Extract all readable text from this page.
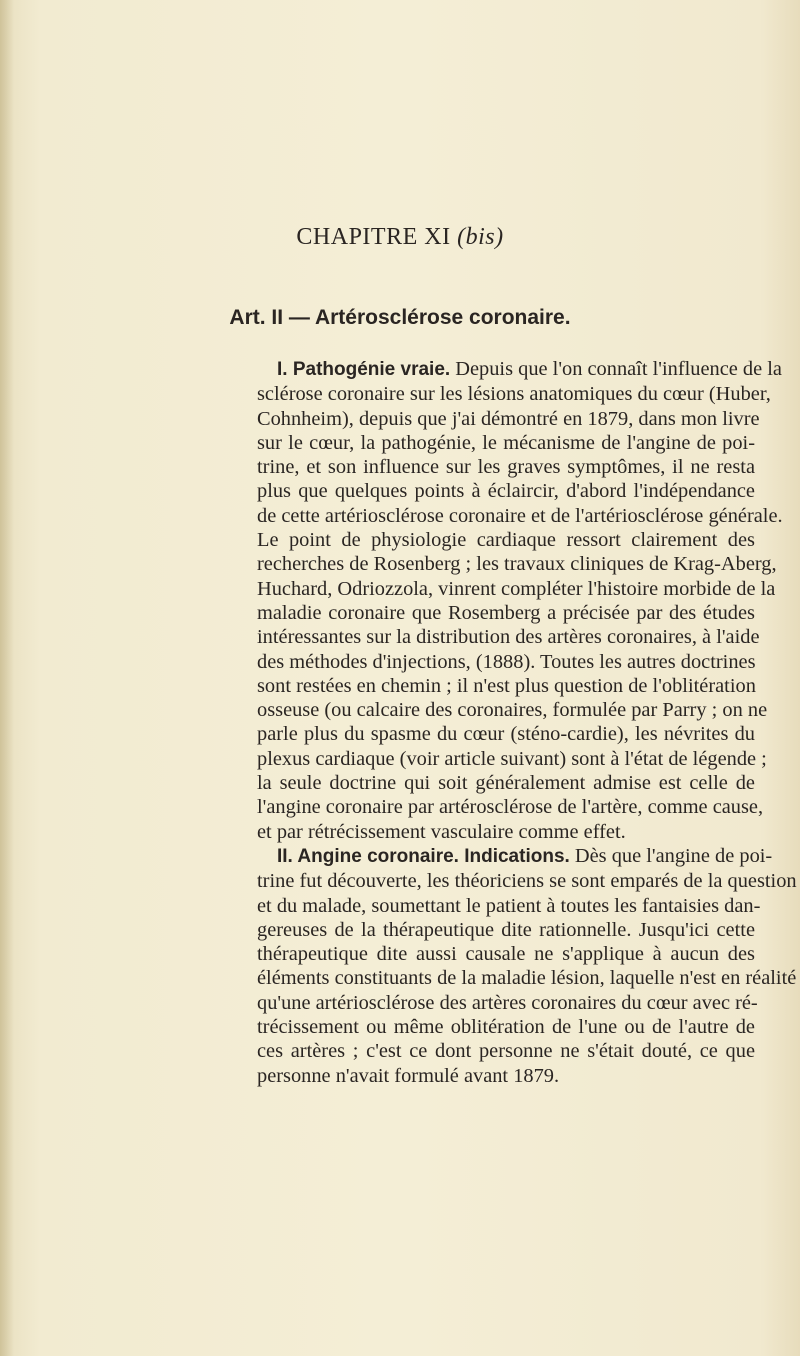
CHAPITRE XI (bis)
Art. II — Artérosclérose coronaire.
I. Pathogénie vraie. Depuis que l'on connaît l'influence de la
sclérose coronaire sur les lésions anatomiques du cœur (Huber,
Cohnheim), depuis que j'ai démontré en 1879, dans mon livre
sur le cœur, la pathogénie, le mécanisme de l'angine de poi-
trine, et son influence sur les graves symptômes, il ne resta
plus que quelques points à éclaircir, d'abord l'indépendance
de cette artériosclérose coronaire et de l'artériosclérose générale.
Le point de physiologie cardiaque ressort clairement des
recherches de Rosenberg ; les travaux cliniques de Krag-Aberg,
Huchard, Odriozzola, vinrent compléter l'histoire morbide de la
maladie coronaire que Rosemberg a précisée par des études
intéressantes sur la distribution des artères coronaires, à l'aide
des méthodes d'injections, (1888). Toutes les autres doctrines
sont restées en chemin ; il n'est plus question de l'oblitération
osseuse (ou calcaire des coronaires, formulée par Parry ; on ne
parle plus du spasme du cœur (sténo-cardie), les névrites du
plexus cardiaque (voir article suivant) sont à l'état de légende ;
la seule doctrine qui soit généralement admise est celle de
l'angine coronaire par artérosclérose de l'artère, comme cause,
et par rétrécissement vasculaire comme effet.
II. Angine coronaire. Indications. Dès que l'angine de poi-
trine fut découverte, les théoriciens se sont emparés de la question
et du malade, soumettant le patient à toutes les fantaisies dan-
gereuses de la thérapeutique dite rationnelle. Jusqu'ici cette
thérapeutique dite aussi causale ne s'applique à aucun des
éléments constituants de la maladie lésion, laquelle n'est en réalité
qu'une artériosclérose des artères coronaires du cœur avec ré-
trécissement ou même oblitération de l'une ou de l'autre de
ces artères ; c'est ce dont personne ne s'était douté, ce que
personne n'avait formulé avant 1879.
